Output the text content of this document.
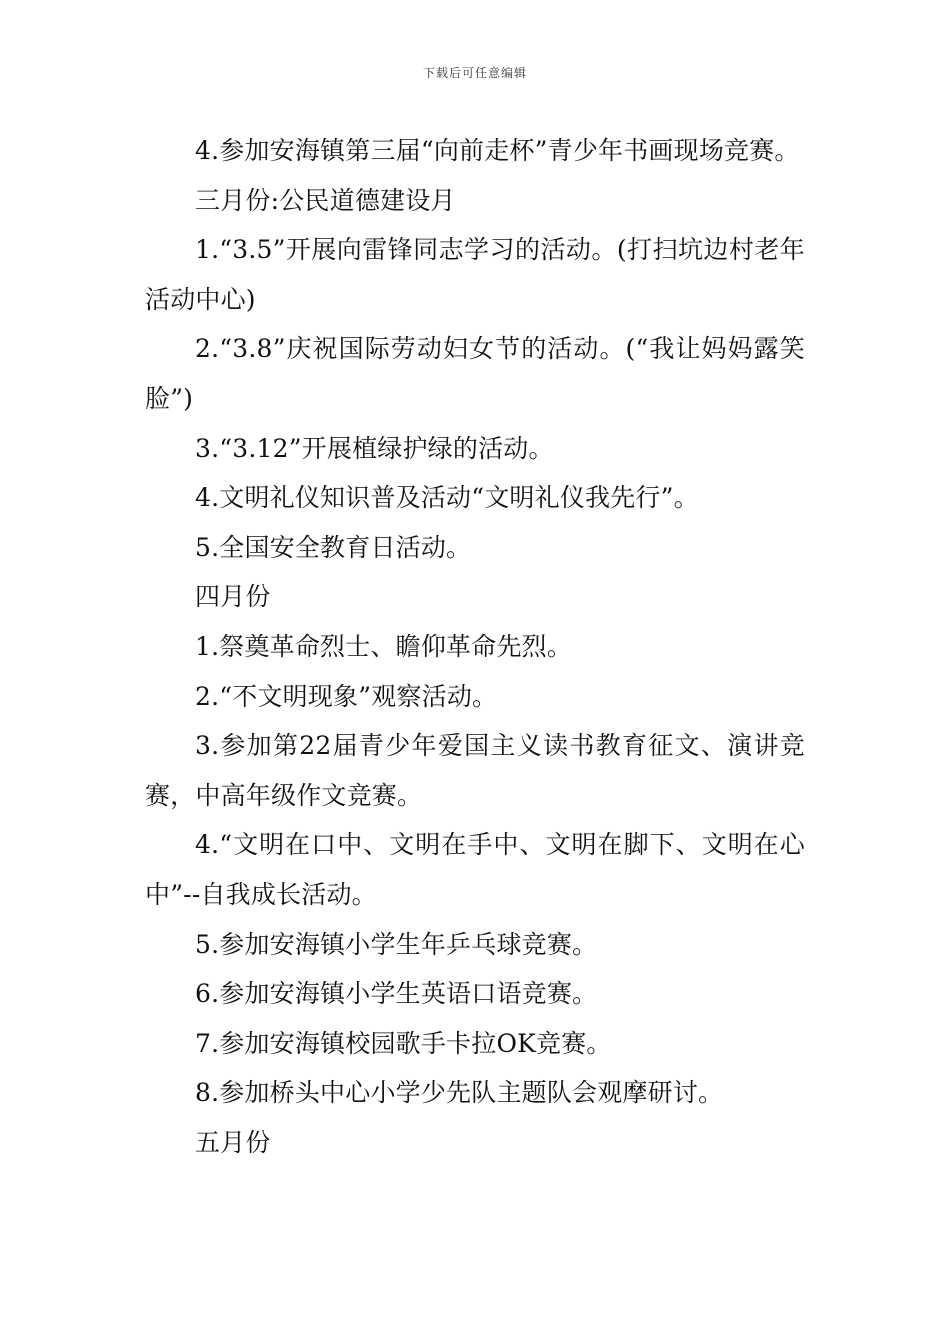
下载后可任意编辑

4.参加安海镇第三届“向前走杯”青少年书画现场竞赛。

三月份:公民道德建设月

1.“3.5”开展向雷锋同志学习的活动。(打扫坑边村老年活动中心)

2.“3.8”庆祝国际劳动妇女节的活动。(“我让妈妈露笑脸”)

3.“3.12”开展植绿护绿的活动。

4.文明礼仪知识普及活动“文明礼仪我先行”。

5.全国安全教育日活动。

四月份

1.祭奠革命烈士、瞻仰革命先烈。

2.“不文明现象”观察活动。

3.参加第22届青少年爱国主义读书教育征文、演讲竞赛，中高年级作文竞赛。

4.“文明在口中、文明在手中、文明在脚下、文明在心中”--自我成长活动。

5.参加安海镇小学生年乒乓球竞赛。

6.参加安海镇小学生英语口语竞赛。

7.参加安海镇校园歌手卡拉OK竞赛。

8.参加桥头中心小学少先队主题队会观摩研讨。

五月份
